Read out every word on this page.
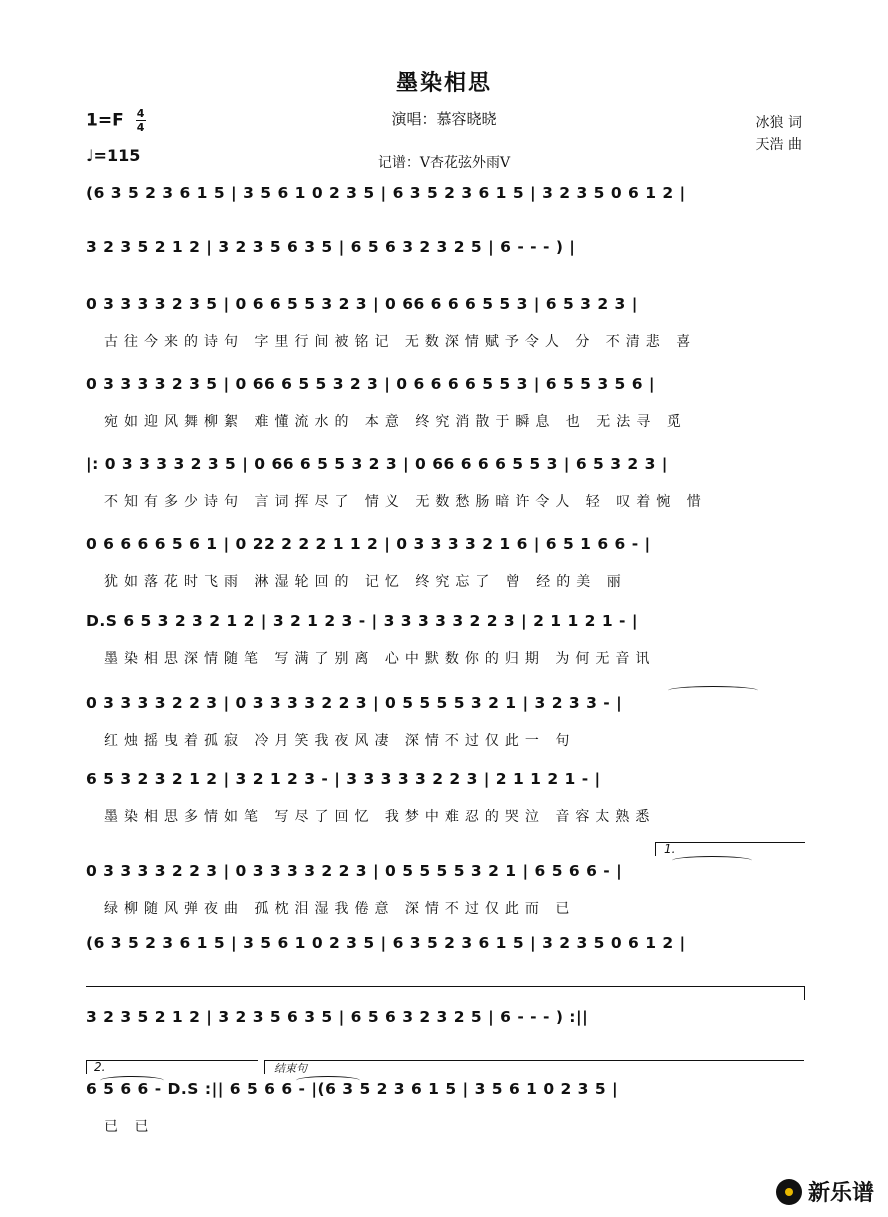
墨染相思
$1=F \frac{4}{4}$
♩=115
演唱：慕容晓晓
记谱：V杏花弦外雨V
冰狼 词
天浩 曲
(6 3 5 2 3 6 1 5 | 3 5 6 1 0 2 3 5 | 6 3 5 2 3 6 1 5 | 3 2 3 5 0 6 1 2 |
3 2 3 5 2 1 2 | 3 2 3 5 6 3 5 | 6 5 6 3 2 3 2 5 | 6 - - - ) |
0 3 3 3 3 2 3 5 | 0 6 6 5 5 3 2 3 | 0 66 6 6 6 5 5 3 | 6 5 3 2 3 |
古往今来的诗句 字里行间被铭记 无数深情赋予令人 分 不清悲 喜
0 3 3 3 3 2 3 5 | 0 66 6 5 5 3 2 3 | 0 6 6 6 6 5 5 3 | 6 5 5 3 5 6 |
宛如迎风舞柳絮 难懂流水的 本意 终究消散于瞬息 也 无法寻 觅
|: 0 3 3 3 3 2 3 5 | 0 66 6 5 5 3 2 3 | 0 66 6 6 6 5 5 3 | 6 5 3 2 3 |
不知有多少诗句 言词挥尽了 情义 无数愁肠暗许令人 轻 叹着惋 惜
0 6 6 6 6 5 6 1 | 0 22 2 2 2 1 1 2 | 0 3 3 3 3 2 1 6 | 6 5 1 6 6 - |
犹如落花时飞雨 淋湿轮回的 记忆 终究忘了 曾 经的美 丽
D.S 6 5 3 2 3 2 1 2 | 3 2 1 2 3 - | 3 3 3 3 3 2 2 3 | 2 1 1 2 1 - |
墨染相思深情随笔 写满了别离 心中默数你的归期 为何无音讯
0 3 3 3 3 2 2 3 | 0 3 3 3 3 2 2 3 | 0 5 5 5 5 3 2 1 | 3 2 3 3 - |
红烛摇曳着孤寂 冷月笑我夜风凄 深情不过仅此一 句
6 5 3 2 3 2 1 2 | 3 2 1 2 3 - | 3 3 3 3 3 2 2 3 | 2 1 1 2 1 - |
墨染相思多情如笔 写尽了回忆 我梦中难忍的哭泣 音容太熟悉
0 3 3 3 3 2 2 3 | 0 3 3 3 3 2 2 3 | 0 5 5 5 5 3 2 1 | 6 5 6 6 - |
绿柳随风弹夜曲 孤枕泪湿我倦意 深情不过仅此而 已
(6 3 5 2 3 6 1 5 | 3 5 6 1 0 2 3 5 | 6 3 5 2 3 6 1 5 | 3 2 3 5 0 6 1 2 |
3 2 3 5 2 1 2 | 3 2 3 5 6 3 5 | 6 5 6 3 2 3 2 5 | 6 - - - ) :||
6 5 6 6 - D.S :|| 6 5 6 6 - |(6 3 5 2 3 6 1 5 | 3 5 6 1 0 2 3 5 |
已 已
1.
2.	结束句
新乐谱
